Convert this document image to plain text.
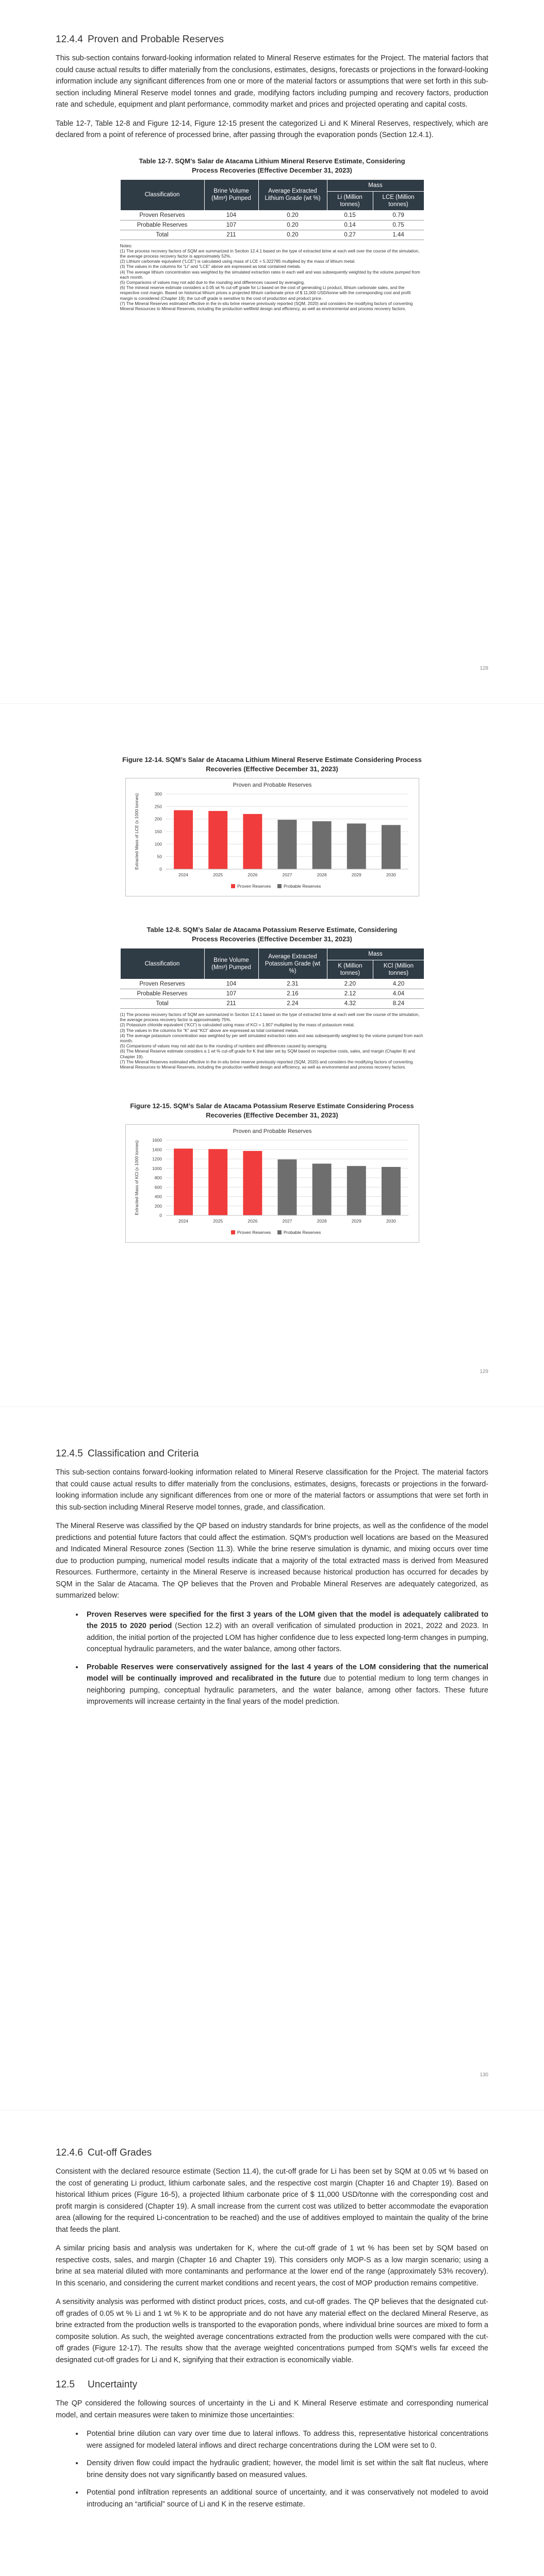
12.4.4 Proven and Probable Reserves

This sub-section contains forward-looking information related to Mineral Reserve estimates for the Project. The material factors that could cause actual results to differ materially from the conclusions, estimates, designs, forecasts or projections in the forward-looking information include any significant differences from one or more of the material factors or assumptions that were set forth in this sub-section including Mineral Reserve model tonnes and grade, modifying factors including pumping and recovery factors, production rate and schedule, equipment and plant performance, commodity market and prices and projected operating and capital costs.

Table 12-7, Table 12-8 and Figure 12-14, Figure 12-15 present the categorized Li and K Mineral Reserves, respectively, which are declared from a point of reference of processed brine, after passing through the evaporation ponds (Section 12.4.1).

Table 12-7. SQM’s Salar de Atacama Lithium Mineral Reserve Estimate, Considering Process Recoveries (Effective December 31, 2023)
Classification	Brine Volume (Mm³) Pumped	Average Extracted Lithium Grade (wt %)	Mass	
			Li (Million tonnes)	LCE (Million tonnes)
Proven Reserves	104	0.20	0.15	0.79
Probable Reserves	107	0.20	0.14	0.75
Total	211	0.20	0.27	1.44
Notes:
(1) The process recovery factors of SQM are summarized in Section 12.4.1 based on the type of extracted brine at each well over the course of the simulation, the average process recovery factor is approximately 52%.
(2) Lithium carbonate equivalent (“LCE”) is calculated using mass of LCE = 5.322785 multiplied by the mass of lithium metal.
(3) The values in the columns for “Li” and “LCE” above are expressed as total contained metals.
(4) The average lithium concentration was weighted by the simulated extraction rates in each well and was subsequently weighted by the volume pumped from each month.
(5) Comparisons of values may not add due to the rounding and differences caused by averaging.
(6) The mineral reserve estimate considers a 0.05 wt % cut-off grade for Li based on the cost of generating Li product, lithium carbonate sales, and the respective cost margin. Based on historical lithium prices a projected lithium carbonate price of $ 11,000 USD/tonne with the corresponding cost and profit margin is considered (Chapter 19); the cut-off grade is sensitive to the cost of production and product price.
(7) The Mineral Reserves estimated effective in the in-situ brine reserve previously reported (SQM, 2020) and considers the modifying factors of converting Mineral Resources to Mineral Reserves, including the production wellfield design and efficiency, as well as environmental and process recovery factors.
128
Figure 12-14. SQM’s Salar de Atacama Lithium Mineral Reserve Estimate Considering Process Recoveries (Effective December 31, 2023)
Proven and Probable Reserves
Extracted Mass of LCE (x 1000 tonnes)	0
50
100
150
200
250
300
2024	2025	2026	2027	2028	2029	2030
Proven Reserves	Probable Reserves
Table 12-8. SQM’s Salar de Atacama Potassium Reserve Estimate, Considering Process Recoveries (Effective December 31, 2023)
Classification	Brine Volume (Mm³) Pumped	Average Extracted Potassium Grade (wt %)	Mass	
			K (Million tonnes)	KCl (Million tonnes)
Proven Reserves	104	2.31	2.20	4.20
Probable Reserves	107	2.16	2.12	4.04
Total	211	2.24	4.32	8.24
(1) The process recovery factors of SQM are summarized in Section 12.4.1 based on the type of extracted brine at each well over the course of the simulation, the average process recovery factor is approximately 75%.
(2) Potassium chloride equivalent (“KCl”) is calculated using mass of KCl = 1.907 multiplied by the mass of potassium metal.
(3) The values in the columns for “K” and “KCl” above are expressed as total contained metals.
(4) The average potassium concentration was weighted by per well simulated extraction rates and was subsequently weighted by the volume pumped from each month.
(5) Comparisons of values may not add due to the rounding of numbers and differences caused by averaging.
(6) The Mineral Reserve estimate considers a 1 wt % cut-off grade for K that later set by SQM based on respective costs, sales, and margin (Chapter 8) and Chapter 19).
(7) The Mineral Reserves estimated effective in the in-situ brine reserve previously reported (SQM, 2020) and considers the modifying factors of converting Mineral Resources to Mineral Reserves, including the production wellfield design and efficiency, as well as environmental and process recovery factors.
Figure 12-15. SQM’s Salar de Atacama Potassium Reserve Estimate Considering Process Recoveries (Effective December 31, 2023)
Proven and Probable Reserves
Extracted Mass of KCl (x 1000 tonnes)
0
200
400
600
800
1000
1200
1400
1600
2024	2025	2026	2027	2028	2029	2030
Proven Reserves	Probable Reserves
129
12.4.5 Classification and Criteria

This sub-section contains forward-looking information related to Mineral Reserve classification for the Project. The material factors that could cause actual results to differ materially from the conclusions, estimates, designs, forecasts or projections in the forward-looking information include any significant differences from one or more of the material factors or assumptions that were set forth in this sub-section including Mineral Reserve model tonnes, grade, and classification.

The Mineral Reserve was classified by the QP based on industry standards for brine projects, as well as the confidence of the model predictions and potential future factors that could affect the estimation. SQM’s production well locations are based on the Measured and Indicated Mineral Resource zones (Section 11.3). While the brine reserve simulation is dynamic, and mixing occurs over time due to production pumping, numerical model results indicate that a majority of the total extracted mass is derived from Measured Resources. Furthermore, certainty in the Mineral Reserve is increased because historical production has occurred for decades by SQM in the Salar de Atacama. The QP believes that the Proven and Probable Mineral Reserves are adequately categorized, as summarized below:

• Proven Reserves were specified for the first 3 years of the LOM given that the model is adequately calibrated to the 2015 to 2020 period (Section 12.2) with an overall verification of simulated production in 2021, 2022 and 2023. In addition, the initial portion of the projected LOM has higher confidence due to less expected long-term changes in pumping, conceptual hydraulic parameters, and the water balance, among other factors.
• Probable Reserves were conservatively assigned for the last 4 years of the LOM considering that the numerical model will be continually improved and recalibrated in the future due to potential medium to long term changes in neighboring pumping, conceptual hydraulic parameters, and the water balance, among other factors. These future improvements will increase certainty in the final years of the model prediction.
130
12.4.6 Cut-off Grades

Consistent with the declared resource estimate (Section 11.4), the cut-off grade for Li has been set by SQM at 0.05 wt % based on the cost of generating Li product, lithium carbonate sales, and the respective cost margin (Chapter 16 and Chapter 19). Based on historical lithium prices (Figure 16-5), a projected lithium carbonate price of $ 11,000 USD/tonne with the corresponding cost and profit margin is considered (Chapter 19). A small increase from the current cost was utilized to better accommodate the evaporation area (allowing for the required Li-concentration to be reached) and the use of additives employed to maintain the quality of the brine that feeds the plant.

A similar pricing basis and analysis was undertaken for K, where the cut-off grade of 1 wt % has been set by SQM based on respective costs, sales, and margin (Chapter 16 and Chapter 19). This considers only MOP-S as a low margin scenario; using a brine at sea material diluted with more contaminants and performance at the lower end of the range (approximately 53% recovery). In this scenario, and considering the current market conditions and recent years, the cost of MOP production remains competitive.

A sensitivity analysis was performed with distinct product prices, costs, and cut-off grades. The QP believes that the designated cut-off grades of 0.05 wt % Li and 1 wt % K to be appropriate and do not have any material effect on the declared Mineral Reserve, as brine extracted from the production wells is transported to the evaporation ponds, where individual brine sources are mixed to form a composite solution. As such, the weighted average concentrations extracted from the production wells were compared with the cut-off grades (Figure 12-17). The results show that the average weighted concentrations pumped from SQM’s wells far exceed the designated cut-off grades for Li and K, signifying that their extraction is economically viable.

12.5 Uncertainty

The QP considered the following sources of uncertainty in the Li and K Mineral Reserve estimate and corresponding numerical model, and certain measures were taken to minimize those uncertainties:

• Potential brine dilution can vary over time due to lateral inflows. To address this, representative historical concentrations were assigned for modeled lateral inflows and direct recharge concentrations during the LOM were set to 0.
• Density driven flow could impact the hydraulic gradient; however, the model limit is set within the salt flat nucleus, where brine density does not vary significantly based on measured values.
• Potential pond infiltration represents an additional source of uncertainty, and it was conservatively not modeled to avoid introducing an “artificial” source of Li and K in the reserve estimate.
